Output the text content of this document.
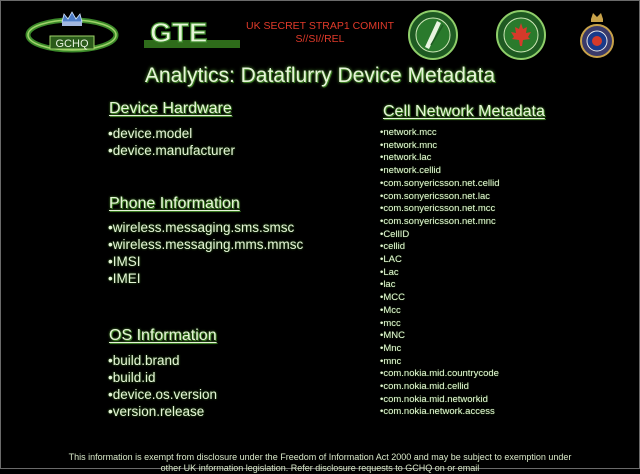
GCHQ GTE	UK SECRET STRAP1 COMINT
S//SI//REL
Analytics: Dataflurry Device Metadata
Device Hardware
•device.model
•device.manufacturer
Phone Information
•wireless.messaging.sms.smsc
•wireless.messaging.mms.mmsc
•IMSI
•IMEI
OS Information
•build.brand
•build.id
•device.os.version
•version.release
Cell Network Metadata
•network.mcc
•network.mnc
•network.lac
•network.cellid
•com.sonyericsson.net.cellid
•com.sonyericsson.net.lac
•com.sonyericsson.net.mcc
•com.sonyericsson.net.mnc
•CellID
•cellid
•LAC
•Lac
•lac
•MCC
•Mcc
•mcc
•MNC
•Mnc
•mnc
•com.nokia.mid.countrycode
•com.nokia.mid.cellid
•com.nokia.mid.networkid
•com.nokia.network.access
This information is exempt from disclosure under the Freedom of Information Act 2000 and may be subject to exemption under
other UK information legislation. Refer disclosure requests to GCHQ on or email
